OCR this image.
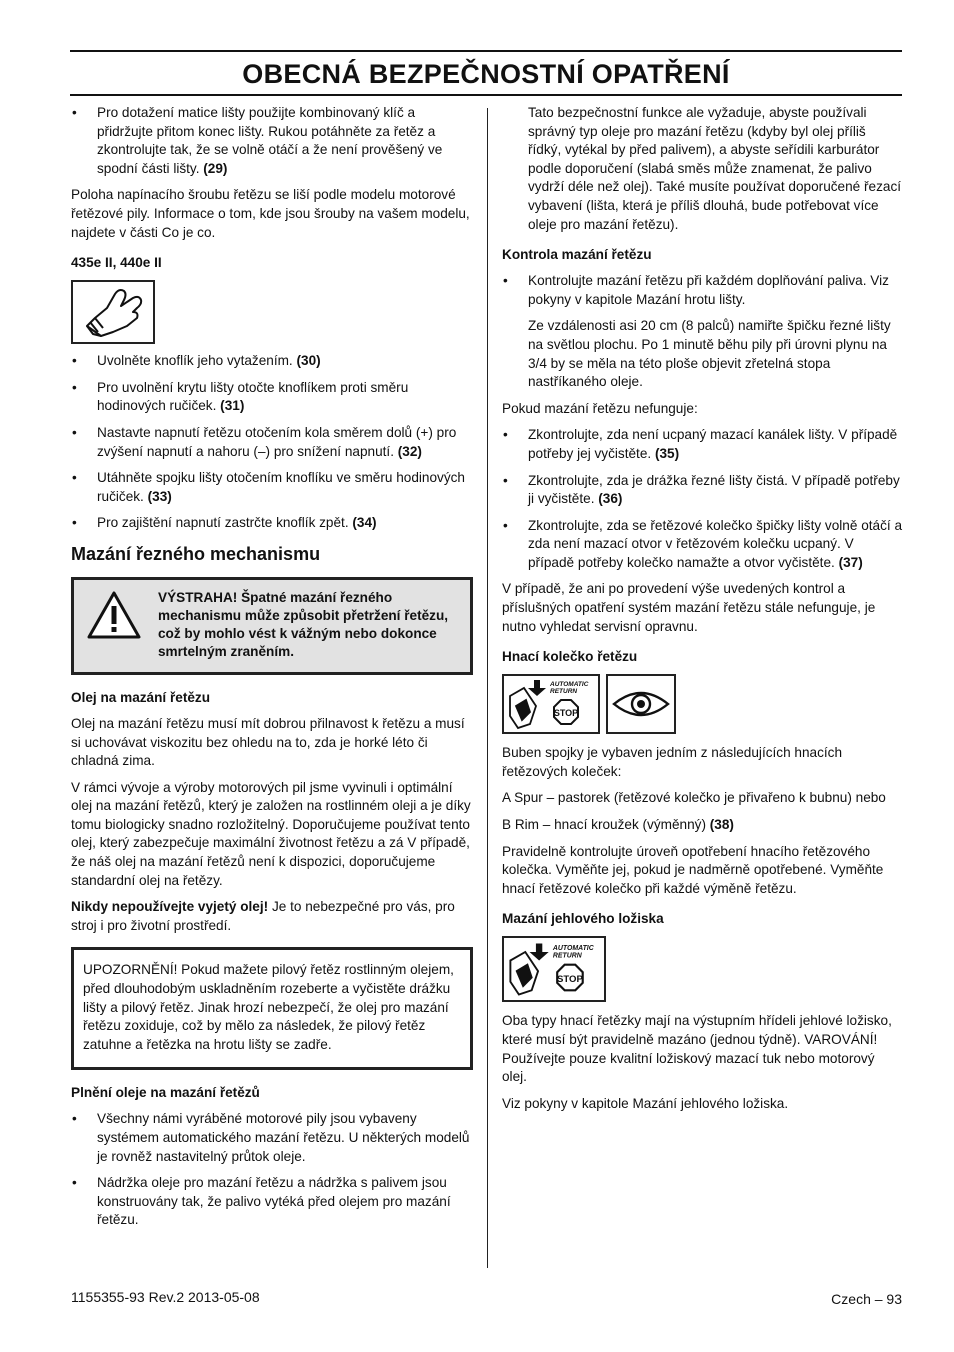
OBECNÁ BEZPEČNOSTNÍ OPATŘENÍ
• Pro dotažení matice lišty použijte kombinovaný klíč a přidržujte přitom konec lišty. Rukou potáhněte za řetěz a zkontrolujte tak, že se volně otáčí a že není prověšený ve spodní části lišty. (29)

Poloha napínacího šroubu řetězu se liší podle modelu motorové řetězové pily. Informace o tom, kde jsou šrouby na vašem modelu, najdete v části Co je co.

435e II, 440e II
• Uvolněte knoflík jeho vytažením. (30)
• Pro uvolnění krytu lišty otočte knoflíkem proti směru hodinových ručiček. (31)
• Nastavte napnutí řetězu otočením kola směrem dolů (+) pro zvýšení napnutí a nahoru (–) pro snížení napnutí. (32)
• Utáhněte spojku lišty otočením knoflíku ve směru hodinových ručiček. (33)
• Pro zajištění napnutí zastrčte knoflík zpět. (34)
Mazání řezného mechanismu
VÝSTRAHA! Špatné mazání řezného mechanismu může způsobit přetržení řetězu, což by mohlo vést k vážným nebo dokonce smrtelným zraněním.
Olej na mazání řetězu

Olej na mazání řetězu musí mít dobrou přilnavost k řetězu a musí si uchovávat viskozitu bez ohledu na to, zda je horké léto či chladná zima.

V rámci vývoje a výroby motorových pil jsme vyvinuli i optimální olej na mazání řetězů, který je založen na rostlinném oleji a je díky tomu biologicky snadno rozložitelný. Doporučujeme používat tento olej, který zabezpečuje maximální životnost řetězu a zá V případě, že náš olej na mazání řetězů není k dispozici, doporučujeme standardní olej na řetězy.

Nikdy nepoužívejte vyjetý olej! Je to nebezpečné pro vás, pro stroj i pro životní prostředí.

UPOZORNĚNÍ! Pokud mažete pilový řetěz rostlinným olejem, před dlouhodobým uskladněním rozeberte a vyčistěte drážku lišty a pilový řetěz. Jinak hrozí nebezpečí, že olej pro mazání řetězu zoxiduje, což by mělo za následek, že pilový řetěz zatuhne a řetězka na hrotu lišty se zadře.
Plnění oleje na mazání řetězů
• Všechny námi vyráběné motorové pily jsou vybaveny systémem automatického mazání řetězu. U některých modelů je rovněž nastavitelný průtok oleje.
• Nádržka oleje pro mazání řetězu a nádržka s palivem jsou konstruovány tak, že palivo vytéká před olejem pro mazání řetězu.

Tato bezpečnostní funkce ale vyžaduje, abyste používali správný typ oleje pro mazání řetězu (kdyby byl olej příliš řídký, vytékal by před palivem), a abyste seřídili karburátor podle doporučení (slabá směs může znamenat, že palivo vydrží déle než olej). Také musíte používat doporučené řezací vybavení (lišta, která je příliš dlouhá, bude potřebovat více oleje pro mazání řetězu).

Kontrola mazání řetězu
• Kontrolujte mazání řetězu při každém doplňování paliva. Viz pokyny v kapitole Mazání hrotu lišty.

Ze vzdálenosti asi 20 cm (8 palců) namiřte špičku řezné lišty na světlou plochu. Po 1 minutě běhu pily při úrovni plynu na 3/4 by se měla na této ploše objevit zřetelná stopa nastříkaného oleje.

Pokud mazání řetězu nefunguje:

• Zkontrolujte, zda není ucpaný mazací kanálek lišty. V případě potřeby jej vyčistěte. (35)
• Zkontrolujte, zda je drážka řezné lišty čistá. V případě potřeby ji vyčistěte. (36)
• Zkontrolujte, zda se řetězové kolečko špičky lišty volně otáčí a zda není mazací otvor v řetězovém kolečku ucpaný. V případě potřeby kolečko namažte a otvor vyčistěte. (37)

V případě, že ani po provedení výše uvedených kontrol a příslušných opatření systém mazání řetězu stále nefunguje, je nutno vyhledat servisní opravnu.

Hnací kolečko řetězu
AUTOMATIC
RETURN
STOP

Buben spojky je vybaven jedním z následujících hnacích řetězových koleček:

A Spur – pastorek (řetězové kolečko je přivařeno k bubnu) nebo

B Rim – hnací kroužek (výměnný) (38)

Pravidelně kontrolujte úroveň opotřebení hnacího řetězového kolečka. Vyměňte jej, pokud je nadměrně opotřebené. Vyměňte hnací řetězové kolečko při každé výměně řetězu.

Mazání jehlového ložiska
AUTOMATIC
RETURN
STOP

Oba typy hnací řetězky mají na výstupním hřídeli jehlové ložisko, které musí být pravidelně mazáno (jednou týdně). VAROVÁNÍ! Používejte pouze kvalitní ložiskový mazací tuk nebo motorový olej.

Viz pokyny v kapitole Mazání jehlového ložiska.

1155355-93 Rev.2 2013-05-08	Czech – 93
